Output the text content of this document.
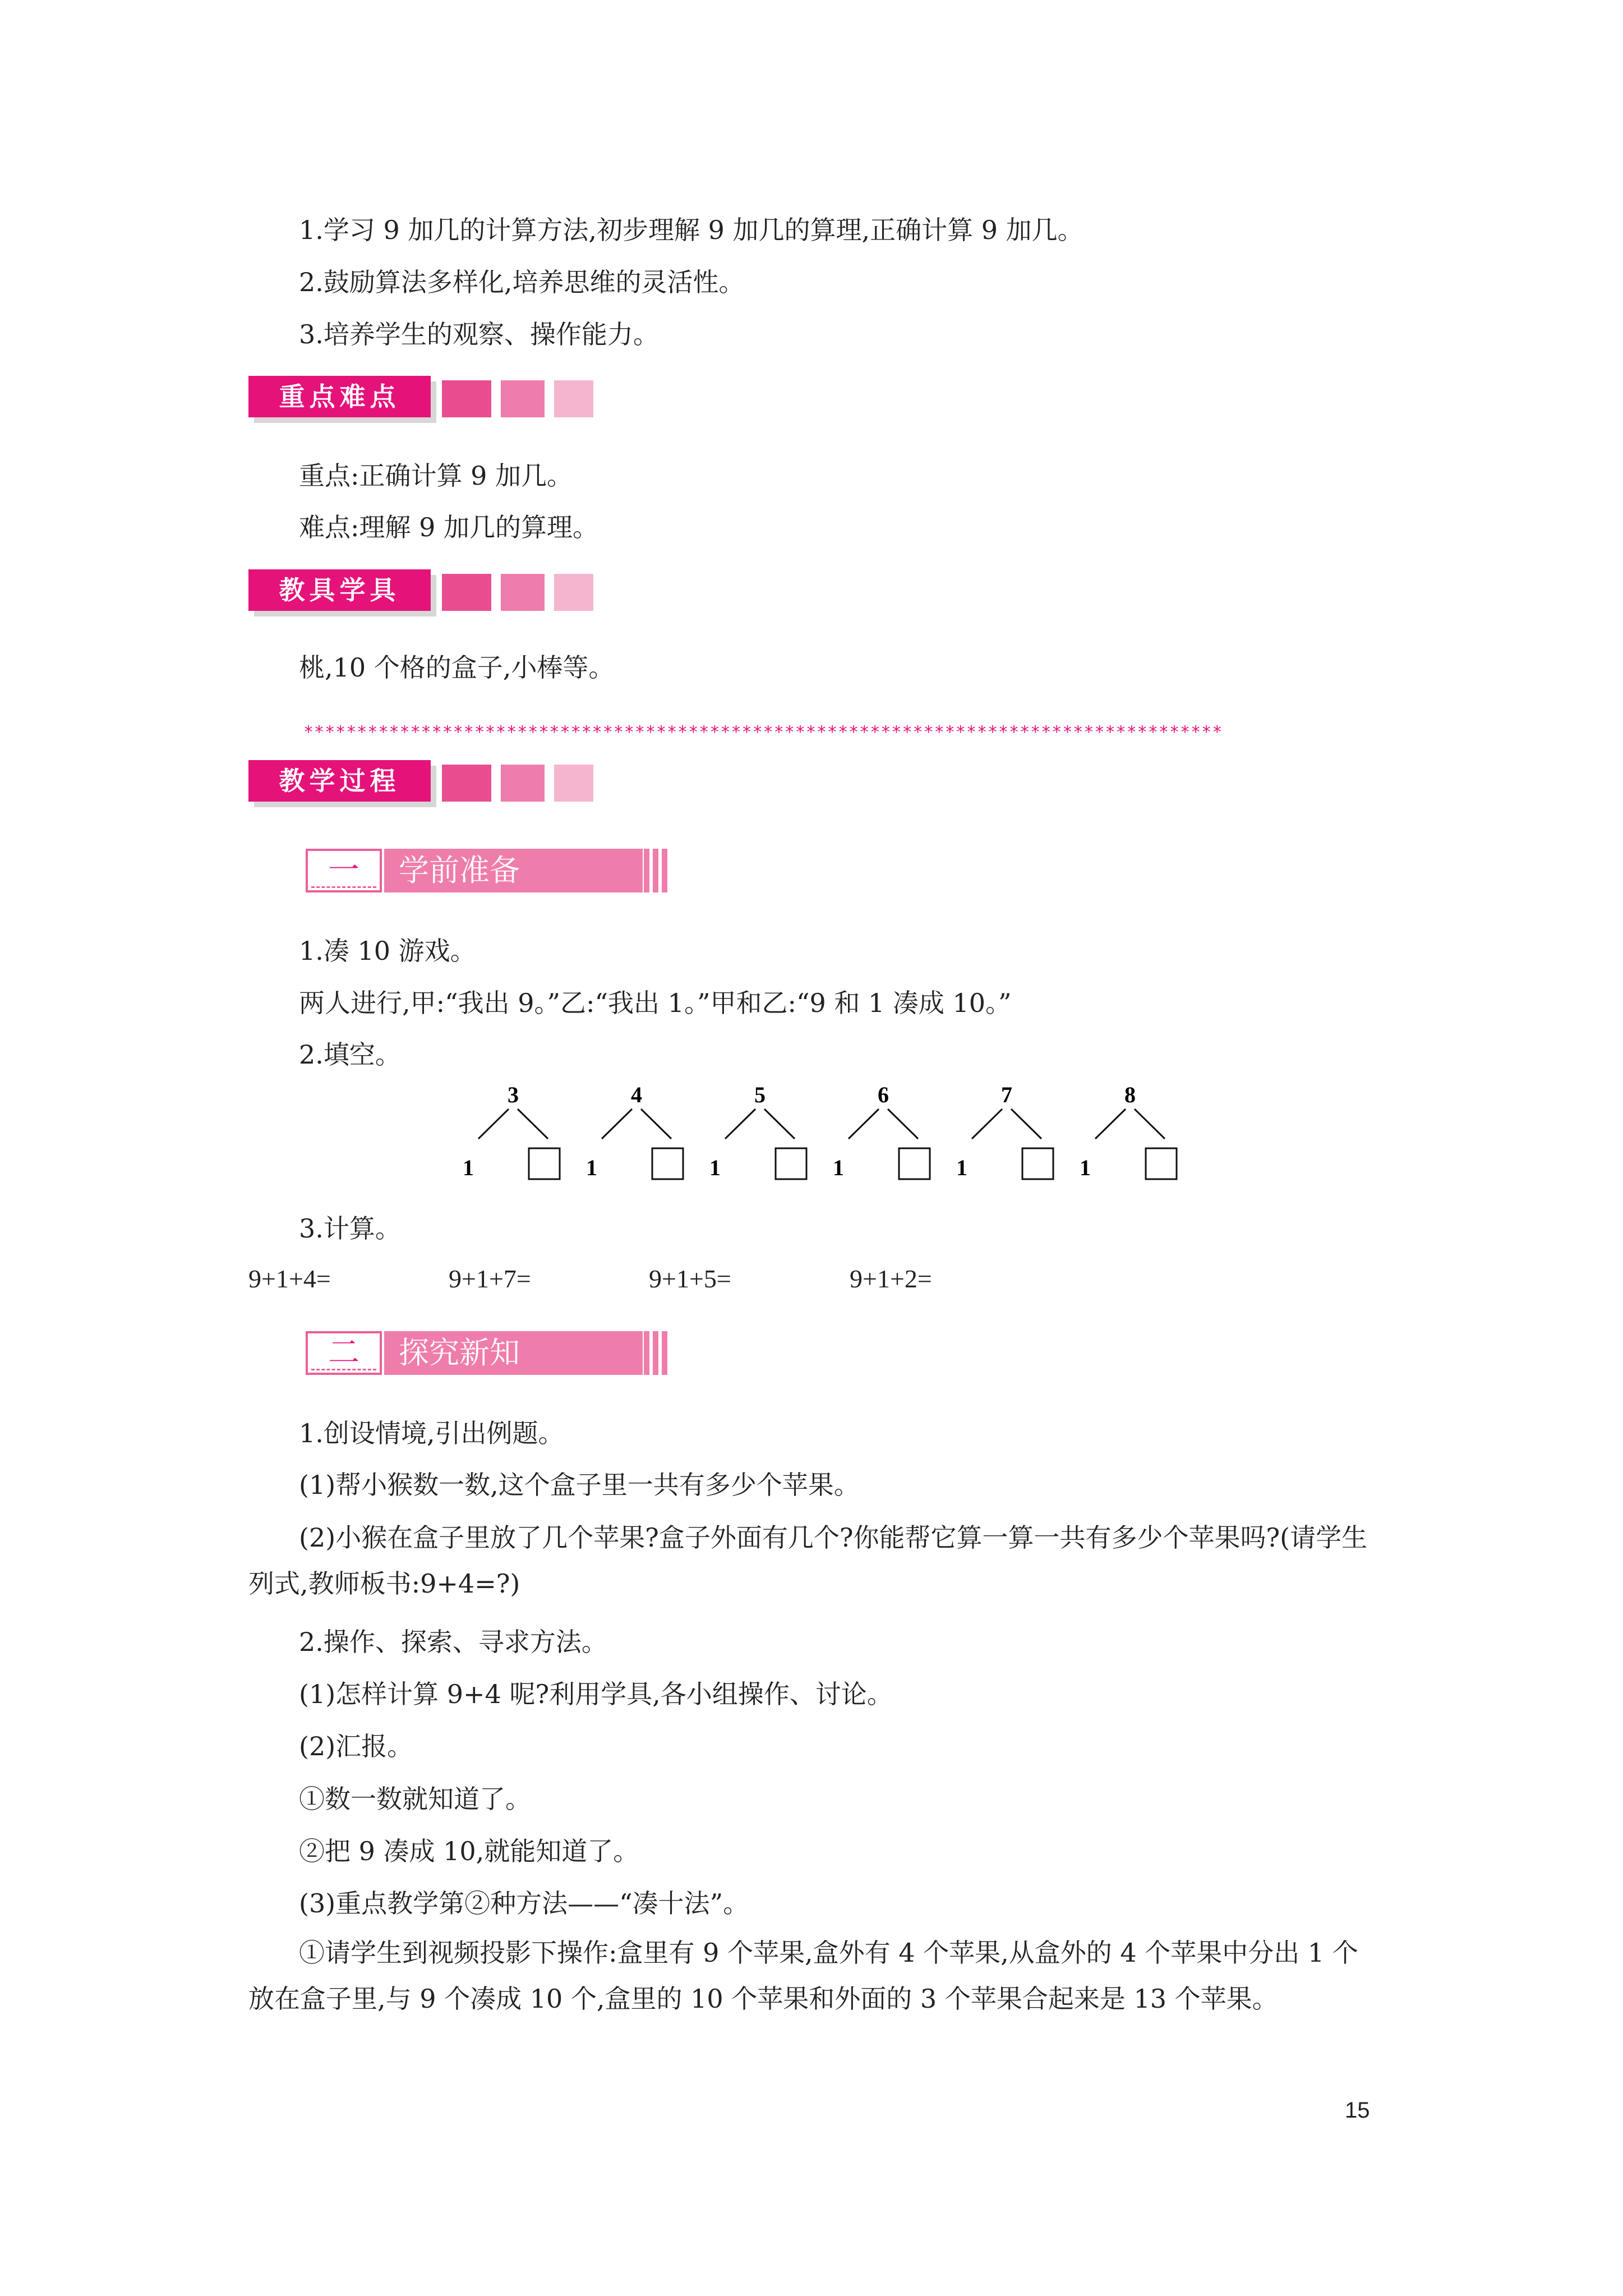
1.学习 9 加几的计算方法,初步理解 9 加几的算理,正确计算 9 加几。
2.鼓励算法多样化,培养思维的灵活性。
3.培养学生的观察、操作能力。
重点难点
重点:正确计算 9 加几。
难点:理解 9 加几的算理。
教具学具
桃,10 个格的盒子,小棒等。
**************************************************************************************
教学过程
一	学前准备
1.凑 10 游戏。
两人进行,甲:“我出 9。”乙:“我出 1。”甲和乙:“9 和 1 凑成 10。”
2.填空。
3
1
4
1
5
1
6
1
7
1
8
1
3.计算。
9+1+4=	9+1+7=	9+1+5=	9+1+2=
二	探究新知
1.创设情境,引出例题。
(1)帮小猴数一数,这个盒子里一共有多少个苹果。
(2)小猴在盒子里放了几个苹果?盒子外面有几个?你能帮它算一算一共有多少个苹果吗?(请学生列式,教师板书:9+4=?)
2.操作、探索、寻求方法。
(1)怎样计算 9+4 呢?利用学具,各小组操作、讨论。
(2)汇报。
①数一数就知道了。
②把 9 凑成 10,就能知道了。
(3)重点教学第②种方法——“凑十法”。
①请学生到视频投影下操作:盒里有 9 个苹果,盒外有 4 个苹果,从盒外的 4 个苹果中分出 1 个放在盒子里,与 9 个凑成 10 个,盒里的 10 个苹果和外面的 3 个苹果合起来是 13 个苹果。
15
